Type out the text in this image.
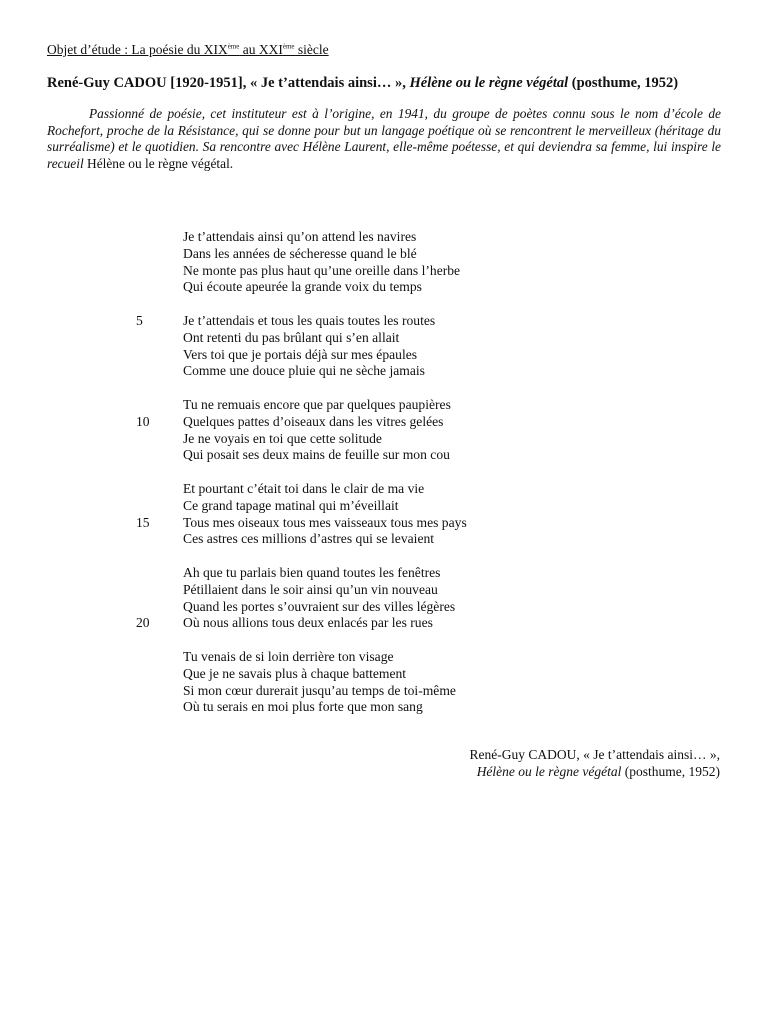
Objet d’étude : La poésie du XIXème au XXIème siècle
René-Guy CADOU [1920-1951], « Je t’attendais ainsi… », Hélène ou le règne végétal (posthume, 1952)
Passionné de poésie, cet instituteur est à l’origine, en 1941, du groupe de poètes connu sous le nom d’école de Rochefort, proche de la Résistance, qui se donne pour but un langage poétique où se rencontrent le merveilleux (héritage du surréalisme) et le quotidien. Sa rencontre avec Hélène Laurent, elle-même poétesse, et qui deviendra sa femme, lui inspire le recueil Hélène ou le règne végétal.
Je t’attendais ainsi qu’on attend les navires
Dans les années de sécheresse quand le blé
Ne monte pas plus haut qu’une oreille dans l’herbe
Qui écoute apeurée la grande voix du temps
5	Je t’attendais et tous les quais toutes les routes
Ont retenti du pas brûlant qui s’en allait
Vers toi que je portais déjà sur mes épaules
Comme une douce pluie qui ne sèche jamais
Tu ne remuais encore que par quelques paupières
10	Quelques pattes d’oiseaux dans les vitres gelées
Je ne voyais en toi que cette solitude
Qui posait ses deux mains de feuille sur mon cou
Et pourtant c’était toi dans le clair de ma vie
Ce grand tapage matinal qui m’éveillait
15	Tous mes oiseaux tous mes vaisseaux tous mes pays
Ces astres ces millions d’astres qui se levaient
Ah que tu parlais bien quand toutes les fenêtres
Pétillaient dans le soir ainsi qu’un vin nouveau
Quand les portes s’ouvraient sur des villes légères
20	Où nous allions tous deux enlacés par les rues
Tu venais de si loin derrière ton visage
Que je ne savais plus à chaque battement
Si mon cœur durerait jusqu’au temps de toi-même
Où tu serais en moi plus forte que mon sang
René-Guy CADOU, « Je t’attendais ainsi… »,
Hélène ou le règne végétal (posthume, 1952)
